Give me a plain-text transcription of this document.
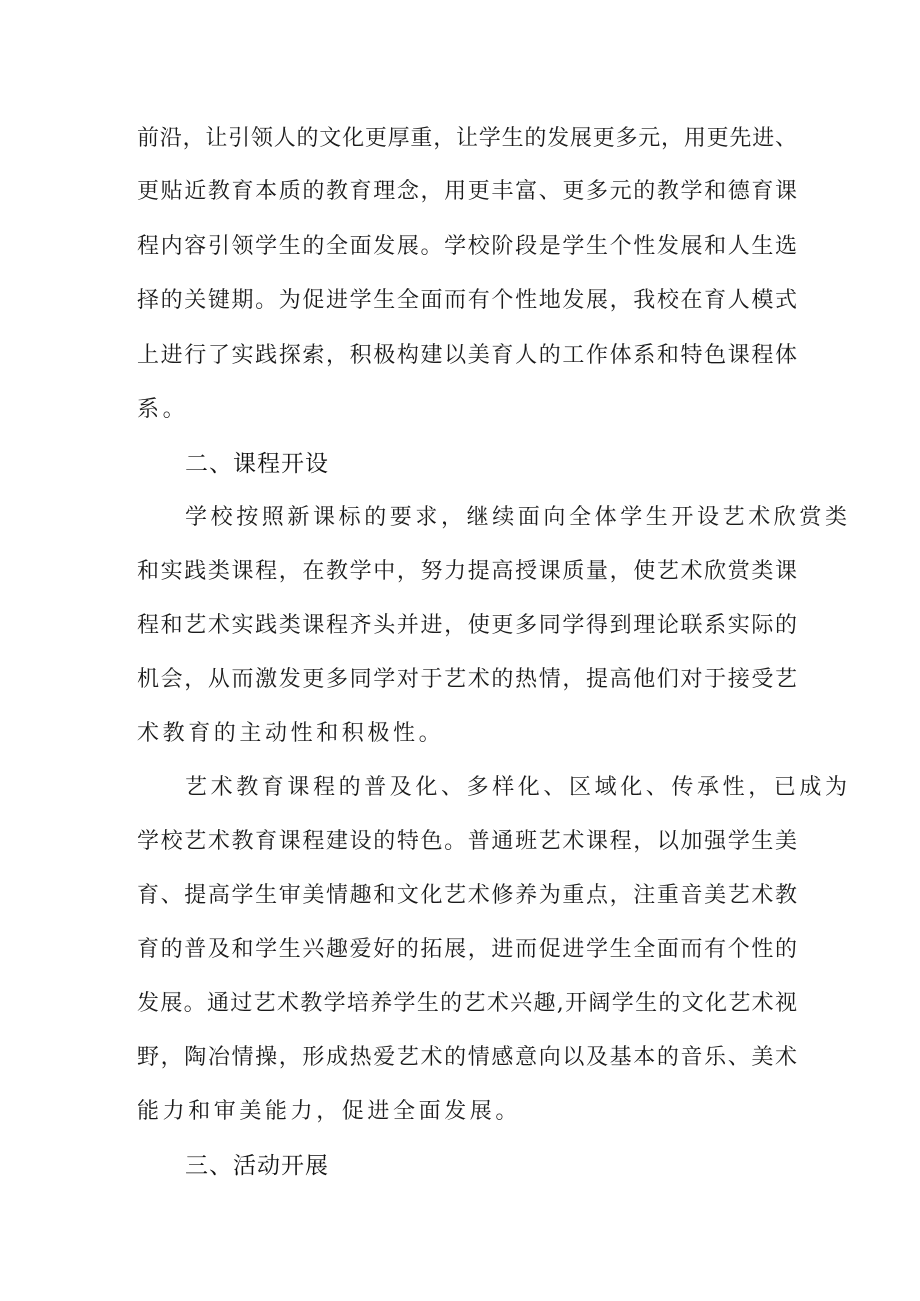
前沿，让引领人的文化更厚重，让学生的发展更多元，用更先进、
更贴近教育本质的教育理念，用更丰富、更多元的教学和德育课
程内容引领学生的全面发展。学校阶段是学生个性发展和人生选
择的关键期。为促进学生全面而有个性地发展，我校在育人模式
上进行了实践探索，积极构建以美育人的工作体系和特色课程体
系。
二、课程开设
学校按照新课标的要求，继续面向全体学生开设艺术欣赏类
和实践类课程，在教学中，努力提高授课质量，使艺术欣赏类课
程和艺术实践类课程齐头并进，使更多同学得到理论联系实际的
机会，从而激发更多同学对于艺术的热情，提高他们对于接受艺
术教育的主动性和积极性。
艺术教育课程的普及化、多样化、区域化、传承性，已成为
学校艺术教育课程建设的特色。普通班艺术课程，以加强学生美
育、提高学生审美情趣和文化艺术修养为重点，注重音美艺术教
育的普及和学生兴趣爱好的拓展，进而促进学生全面而有个性的
发展。通过艺术教学培养学生的艺术兴趣,开阔学生的文化艺术视
野，陶冶情操，形成热爱艺术的情感意向以及基本的音乐、美术
能力和审美能力，促进全面发展。
三、活动开展
